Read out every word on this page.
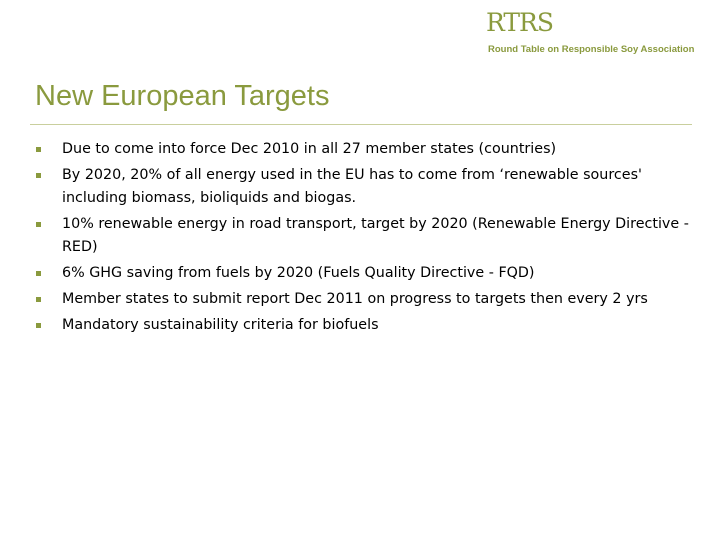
RTRS
Round Table on Responsible Soy Association
New European Targets
Due to come into force Dec 2010 in all 27 member states (countries)
By 2020, 20% of all energy used in the EU has to come from ‘renewable sources' including biomass, bioliquids and biogas.
10% renewable energy in road transport, target by 2020 (Renewable Energy Directive - RED)
6% GHG saving from fuels by 2020 (Fuels Quality Directive - FQD)
Member states to submit report Dec 2011 on progress to targets then every 2 yrs
Mandatory sustainability criteria for biofuels
